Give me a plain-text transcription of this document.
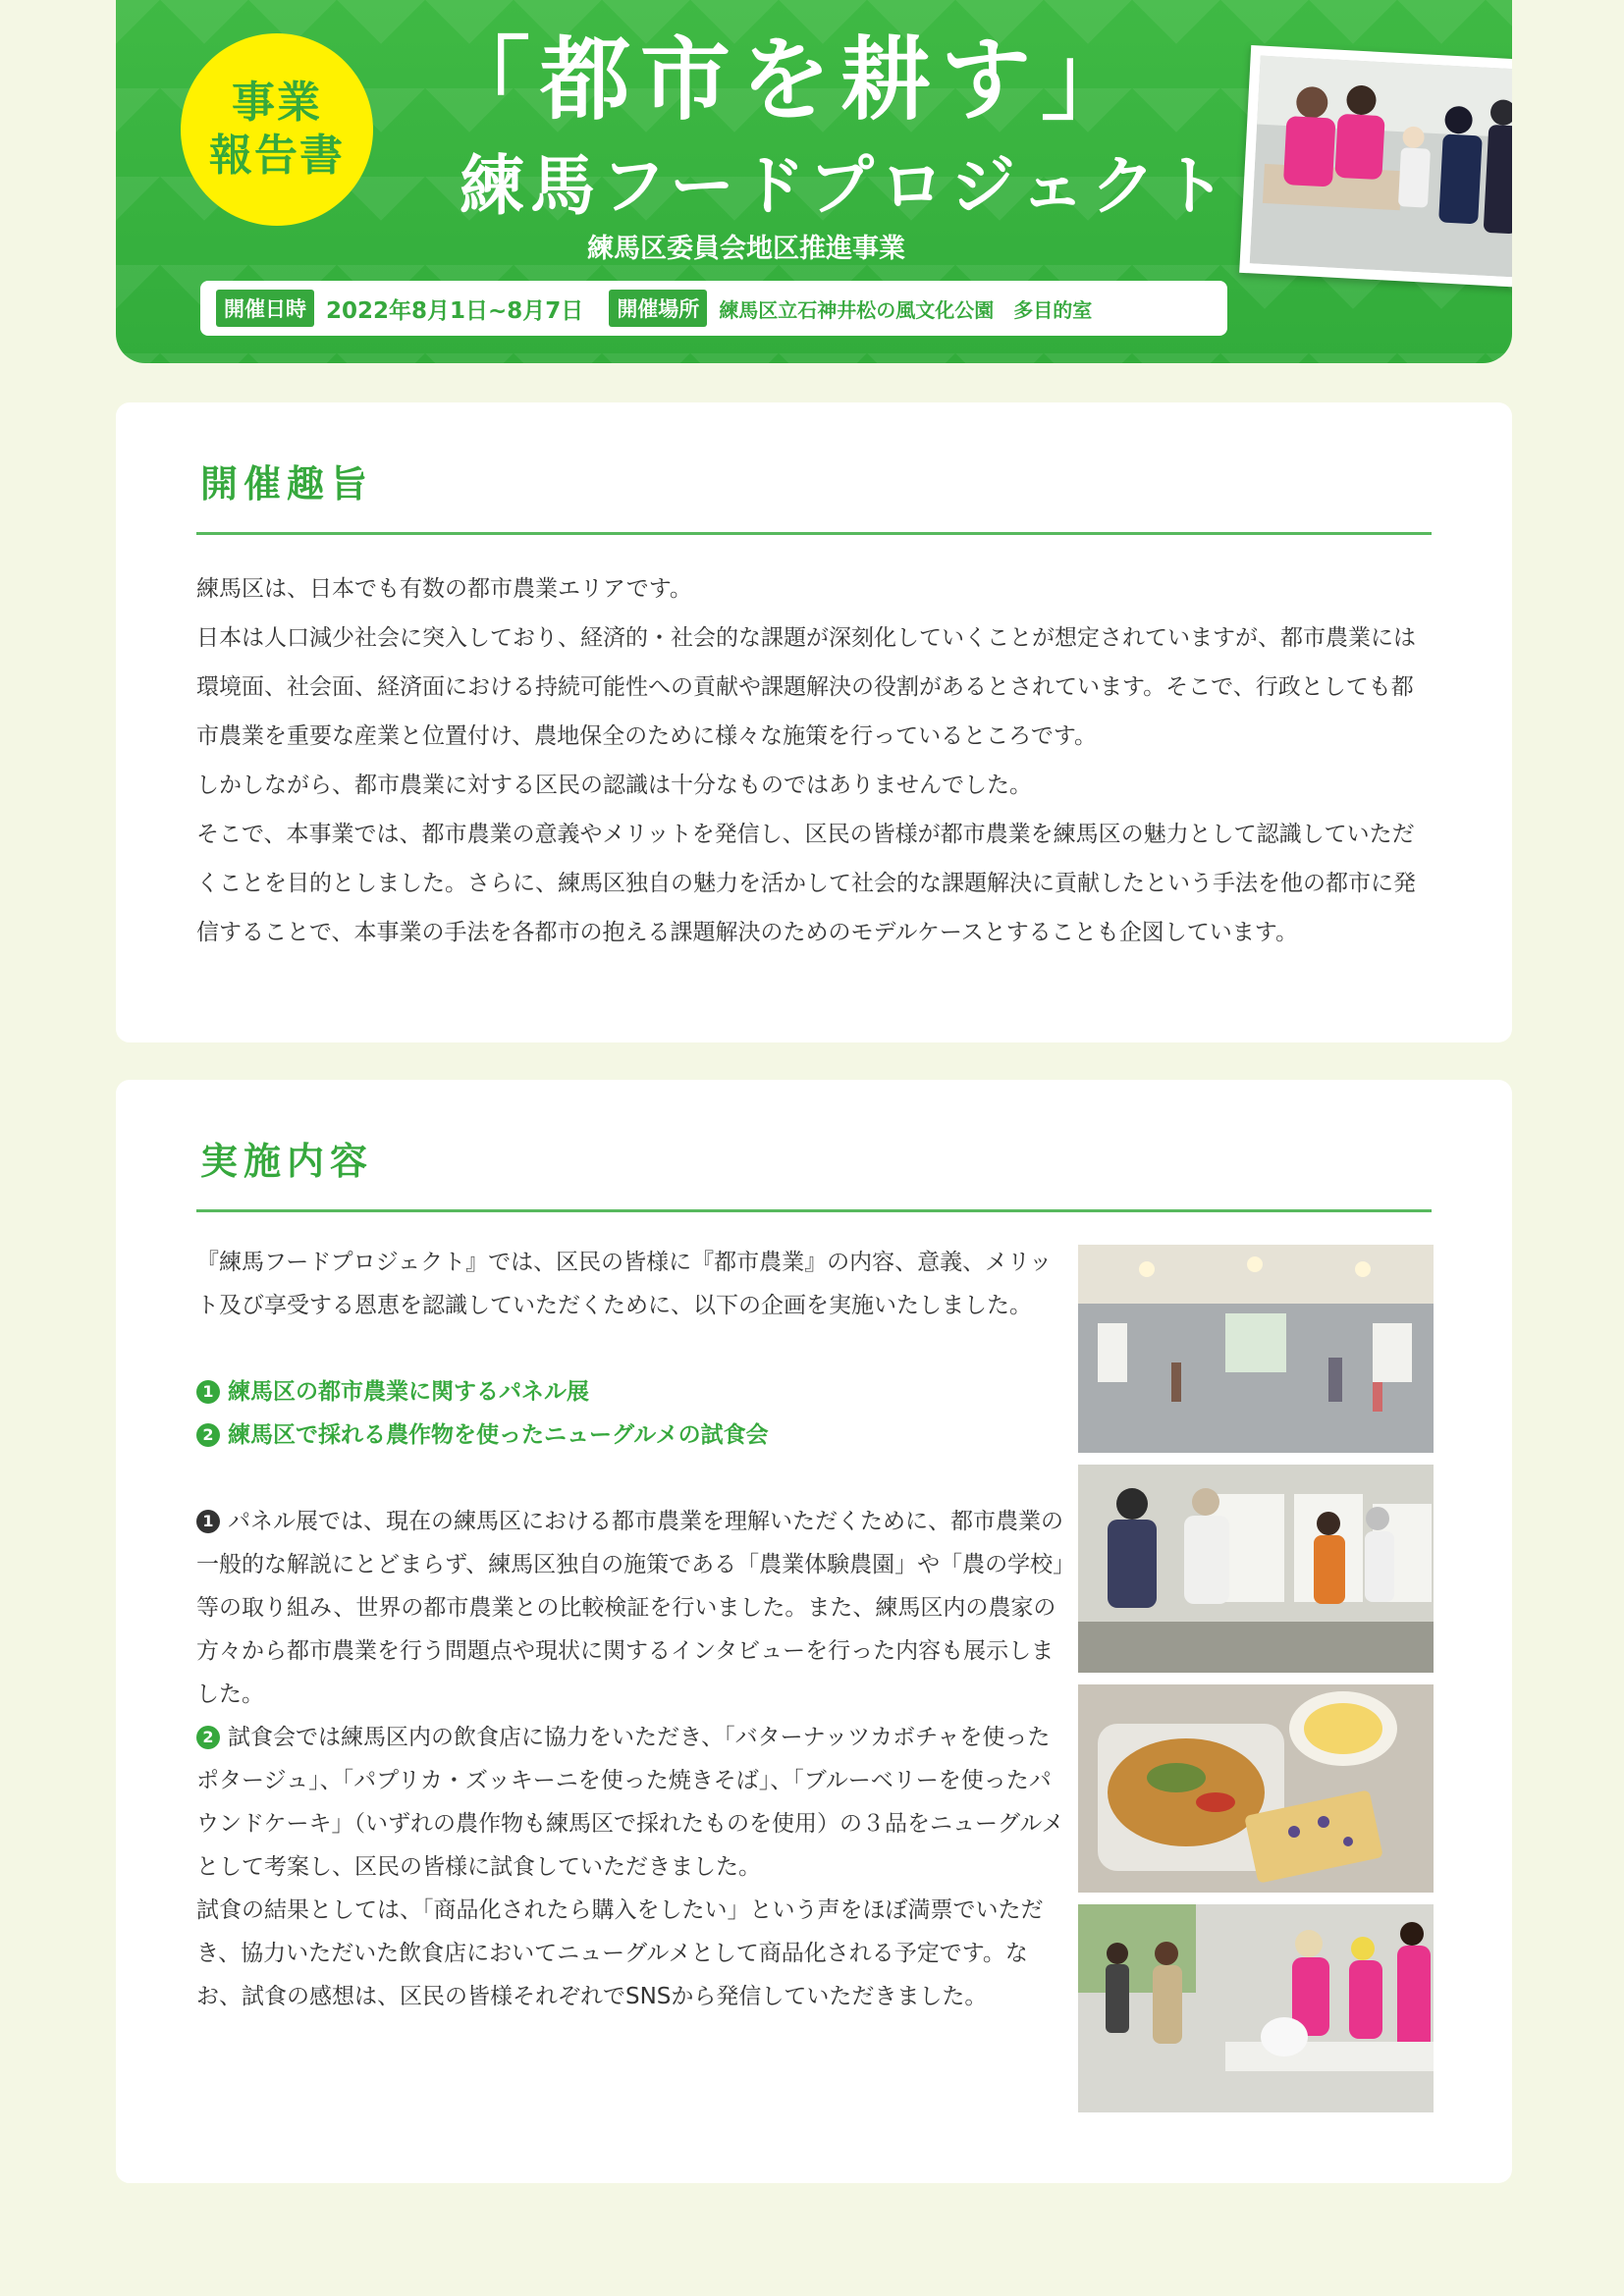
事業
報告書
「都市を耕す」
練馬フードプロジェクト
練馬区委員会地区推進事業
開催日時 2022年8月1日~8月7日	開催場所	練馬区立石神井松の風文化公園　多目的室
開催趣旨

練馬区は、日本でも有数の都市農業エリアです。

日本は人口減少社会に突入しており、経済的・社会的な課題が深刻化していくことが想定されていますが、都市農業には環境面、社会面、経済面における持続可能性への貢献や課題解決の役割があるとされています。そこで、行政としても都市農業を重要な産業と位置付け、農地保全のために様々な施策を行っているところです。

しかしながら、都市農業に対する区民の認識は十分なものではありませんでした。

そこで、本事業では、都市農業の意義やメリットを発信し、区民の皆様が都市農業を練馬区の魅力として認識していただくことを目的としました。さらに、練馬区独自の魅力を活かして社会的な課題解決に貢献したという手法を他の都市に発信することで、本事業の手法を各都市の抱える課題解決のためのモデルケースとすることも企図しています。

実施内容

『練馬フードプロジェクト』では、区民の皆様に『都市農業』の内容、意義、メリット及び享受する恩恵を認識していただくために、以下の企画を実施いたしました。

1 練馬区の都市農業に関するパネル展

2 練馬区で採れる農作物を使ったニューグルメの試食会

1 パネル展では、現在の練馬区における都市農業を理解いただくために、都市農業の一般的な解説にとどまらず、練馬区独自の施策である「農業体験農園」や「農の学校」等の取り組み、世界の都市農業との比較検証を行いました。また、練馬区内の農家の方々から都市農業を行う問題点や現状に関するインタビューを行った内容も展示しました。

2 試食会では練馬区内の飲食店に協力をいただき、「バターナッツカボチャを使ったポタージュ」、「パプリカ・ズッキーニを使った焼きそば」、「ブルーベリーを使ったパウンドケーキ」（いずれの農作物も練馬区で採れたものを使用）の３品をニューグルメとして考案し、区民の皆様に試食していただきました。

試食の結果としては、「商品化されたら購入をしたい」という声をほぼ満票でいただき、協力いただいた飲食店においてニューグルメとして商品化される予定です。なお、試食の感想は、区民の皆様それぞれでSNSから発信していただきました。
